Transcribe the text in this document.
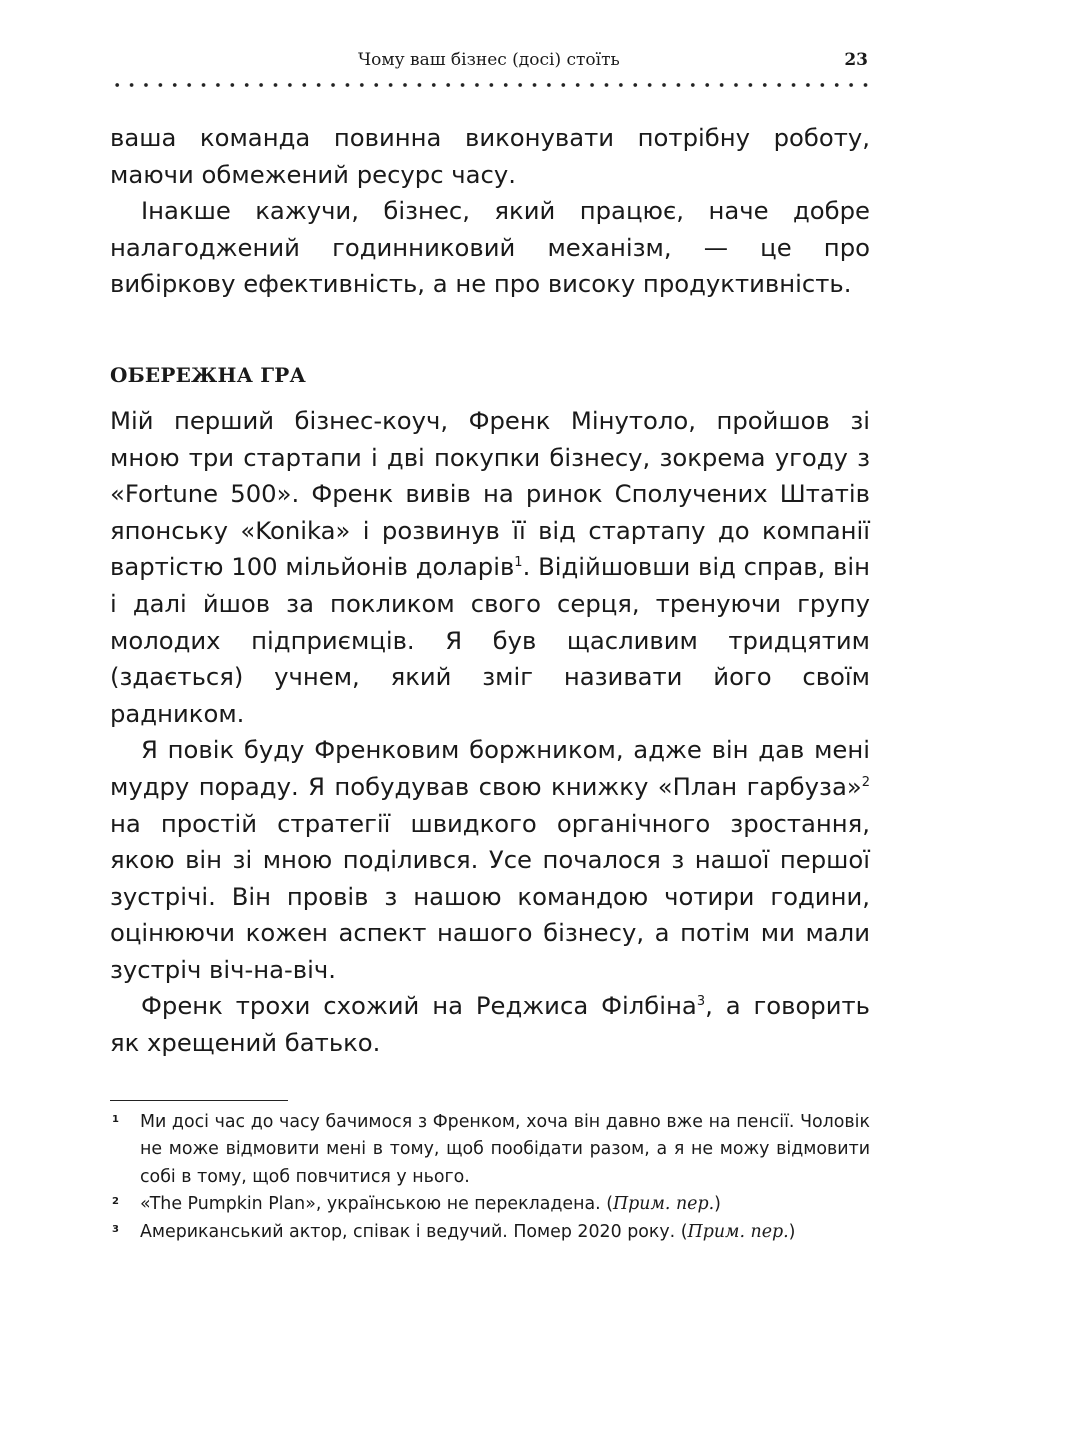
Чому ваш бізнес (досі) стоїть	23

ваша команда повинна виконувати потрібну роботу, маючи обмежений ресурс часу.

Інакше кажучи, бізнес, який працює, наче добре налагоджений годинниковий механізм, — це про вибіркову ефективність, а не про високу продуктивність.

ОБЕРЕЖНА ГРА

Мій перший бізнес-коуч, Френк Мінутоло, пройшов зі мною три стартапи і дві покупки бізнесу, зокрема угоду з «Fortune 500». Френк вивів на ринок Сполучених Штатів японську «Konika» і розвинув її від стартапу до компанії вартістю 100 мільйонів доларів$^1$. Відійшовши від справ, він і далі йшов за покликом свого серця, тренуючи групу молодих підприємців. Я був щасливим тридцятим (здається) учнем, який зміг називати його своїм радником.

Я повік буду Френковим боржником, адже він дав мені мудру пораду. Я побудував свою книжку «План гарбуза»$^2$ на простій стратегії швидкого органічного зростання, якою він зі мною поділився. Усе почалося з нашої першої зустрічі. Він провів з нашою командою чотири години, оцінюючи кожен аспект нашого бізнесу, а потім ми мали зустріч віч-на-віч.

Френк трохи схожий на Реджиса Філбіна$^3$, а говорить як хрещений батько.

1 Ми досі час до часу бачимося з Френком, хоча він давно вже на пенсії. Чоловік не може відмовити мені в тому, щоб пообідати разом, а я не можу відмовити собі в тому, щоб повчитися у нього.

2 «The Pumpkin Plan», українською не перекладена. (Прим. пер.)

3 Американський актор, співак і ведучий. Помер 2020 року. (Прим. пер.)
